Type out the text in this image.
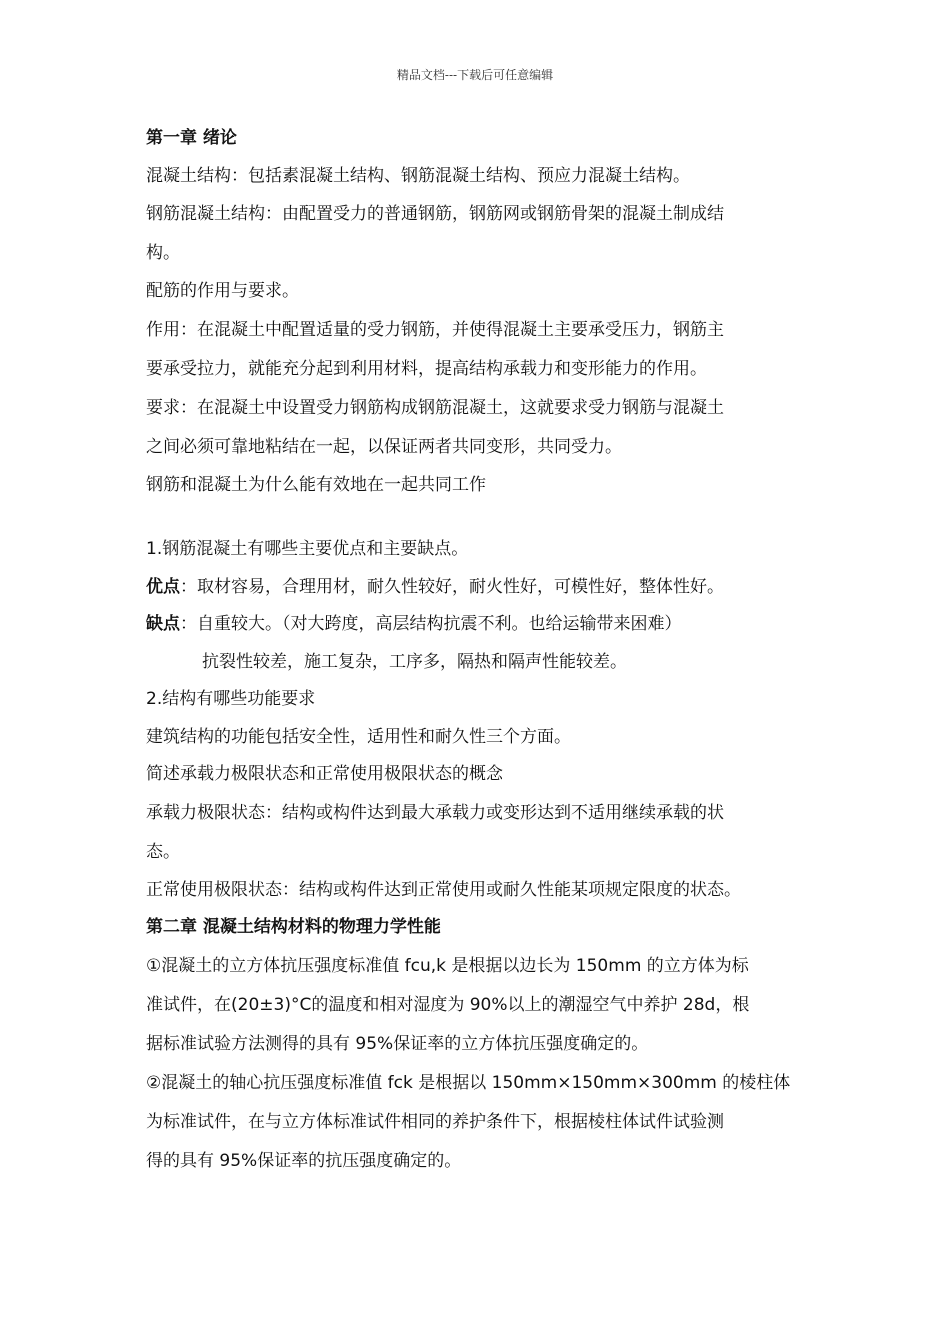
精品文档---下载后可任意编辑
第一章 绪论
混凝土结构：包括素混凝土结构、钢筋混凝土结构、预应力混凝土结构。
钢筋混凝土结构：由配置受力的普通钢筋，钢筋网或钢筋骨架的混凝土制成结
构。
配筋的作用与要求。
作用：在混凝土中配置适量的受力钢筋，并使得混凝土主要承受压力，钢筋主
要承受拉力，就能充分起到利用材料，提高结构承载力和变形能力的作用。
要求：在混凝土中设置受力钢筋构成钢筋混凝土，这就要求受力钢筋与混凝土
之间必须可靠地粘结在一起，以保证两者共同变形，共同受力。
钢筋和混凝土为什么能有效地在一起共同工作
1.钢筋混凝土有哪些主要优点和主要缺点。
优点：取材容易，合理用材，耐久性较好，耐火性好，可模性好，整体性好。
缺点：自重较大。（对大跨度，高层结构抗震不利。也给运输带来困难）
抗裂性较差，施工复杂，工序多，隔热和隔声性能较差。
2.结构有哪些功能要求
建筑结构的功能包括安全性，适用性和耐久性三个方面。
简述承载力极限状态和正常使用极限状态的概念
承载力极限状态：结构或构件达到最大承载力或变形达到不适用继续承载的状
态。
正常使用极限状态：结构或构件达到正常使用或耐久性能某项规定限度的状态。
第二章 混凝土结构材料的物理力学性能
①混凝土的立方体抗压强度标准值 fcu,k 是根据以边长为 150mm 的立方体为标
准试件，在(20±3)°C的温度和相对湿度为 90%以上的潮湿空气中养护 28d，根
据标准试验方法测得的具有 95%保证率的立方体抗压强度确定的。
②混凝土的轴心抗压强度标准值 fck 是根据以 150mm×150mm×300mm 的棱柱体
为标准试件，在与立方体标准试件相同的养护条件下，根据棱柱体试件试验测
得的具有 95%保证率的抗压强度确定的。
